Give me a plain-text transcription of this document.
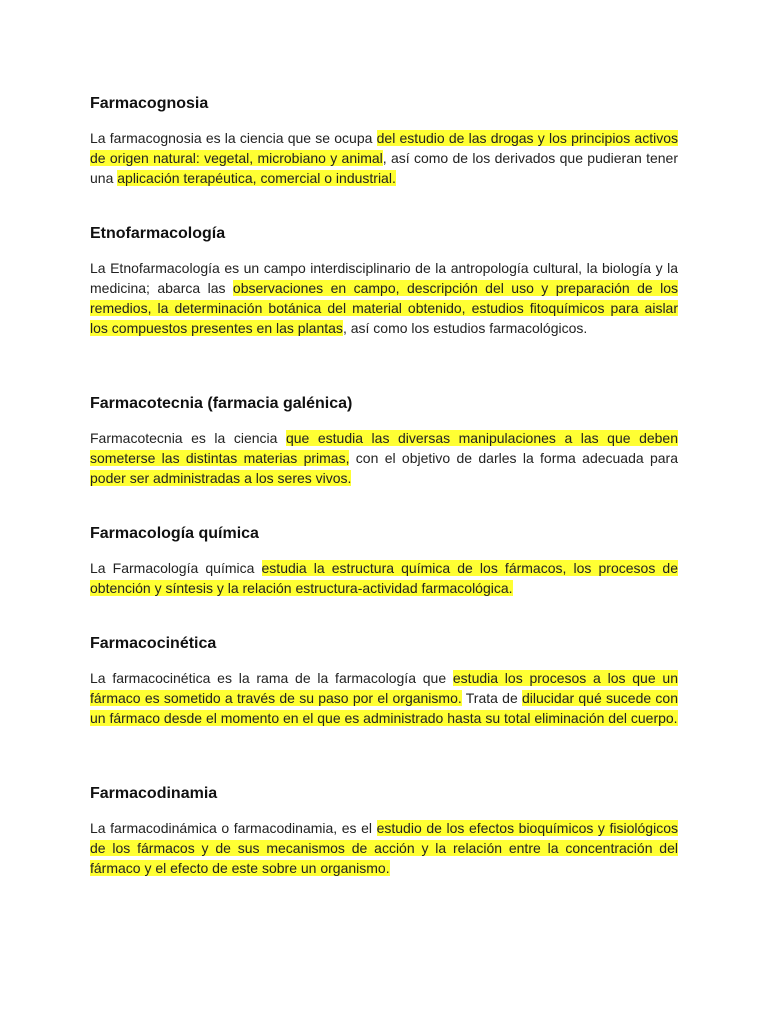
Farmacognosia

La farmacognosia es la ciencia que se ocupa del estudio de las drogas y los principios activos de origen natural: vegetal, microbiano y animal, así como de los derivados que pudieran tener una aplicación terapéutica, comercial o industrial.

Etnofarmacología

La Etnofarmacología es un campo interdisciplinario de la antropología cultural, la biología y la medicina; abarca las observaciones en campo, descripción del uso y preparación de los remedios, la determinación botánica del material obtenido, estudios fitoquímicos para aislar los compuestos presentes en las plantas, así como los estudios farmacológicos.

Farmacotecnia (farmacia galénica)

Farmacotecnia es la ciencia que estudia las diversas manipulaciones a las que deben someterse las distintas materias primas, con el objetivo de darles la forma adecuada para poder ser administradas a los seres vivos.

Farmacología química

La Farmacología química estudia la estructura química de los fármacos, los procesos de obtención y síntesis y la relación estructura-actividad farmacológica.

Farmacocinética

La farmacocinética es la rama de la farmacología que estudia los procesos a los que un fármaco es sometido a través de su paso por el organismo. Trata de dilucidar qué sucede con un fármaco desde el momento en el que es administrado hasta su total eliminación del cuerpo.

Farmacodinamia

La farmacodinámica o farmacodinamia, es el estudio de los efectos bioquímicos y fisiológicos de los fármacos y de sus mecanismos de acción y la relación entre la concentración del fármaco y el efecto de este sobre un organismo.
